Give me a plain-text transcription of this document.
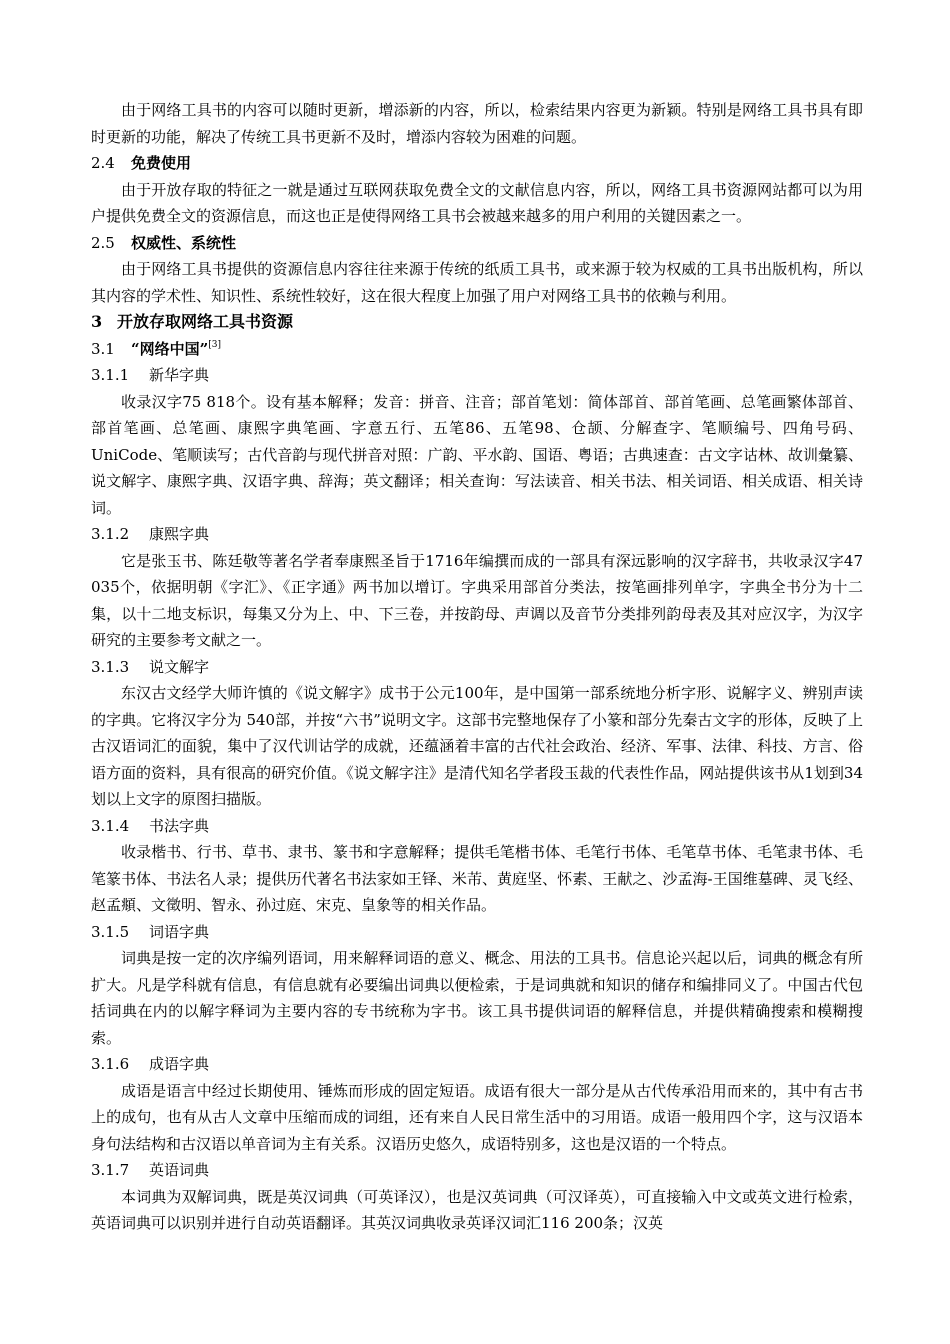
由于网络工具书的内容可以随时更新，增添新的内容，所以，检索结果内容更为新颖。特别是网络工具书具有即时更新的功能，解决了传统工具书更新不及时，增添内容较为困难的问题。

2.4 免费使用

由于开放存取的特征之一就是通过互联网获取免费全文的文献信息内容，所以，网络工具书资源网站都可以为用户提供免费全文的资源信息，而这也正是使得网络工具书会被越来越多的用户利用的关键因素之一。

2.5 权威性、系统性

由于网络工具书提供的资源信息内容往往来源于传统的纸质工具书，或来源于较为权威的工具书出版机构，所以其内容的学术性、知识性、系统性较好，这在很大程度上加强了用户对网络工具书的依赖与利用。

3 开放存取网络工具书资源

3.1 “网络中国”[3]

3.1.1 新华字典

收录汉字75 818个。设有基本解释；发音：拼音、注音；部首笔划：简体部首、部首笔画、总笔画繁体部首、部首笔画、总笔画、康熙字典笔画、字意五行、五笔86、五笔98、仓颉、分解查字、笔顺编号、四角号码、UniCode、笔顺读写；古代音韵与现代拼音对照：广韵、平水韵、国语、粤语；古典速查：古文字诂林、故训彙纂、说文解字、康熙字典、汉语字典、辞海；英文翻译；相关查询：写法读音、相关书法、相关词语、相关成语、相关诗词。

3.1.2 康熙字典

它是张玉书、陈廷敬等著名学者奉康熙圣旨于1716年编撰而成的一部具有深远影响的汉字辞书，共收录汉字47 035个，依据明朝《字汇》、《正字通》两书加以增订。字典采用部首分类法，按笔画排列单字，字典全书分为十二集，以十二地支标识，每集又分为上、中、下三卷，并按韵母、声调以及音节分类排列韵母表及其对应汉字，为汉字研究的主要参考文献之一。

3.1.3 说文解字

东汉古文经学大师许慎的《说文解字》成书于公元100年，是中国第一部系统地分析字形、说解字义、辨别声读的字典。它将汉字分为 540部，并按“六书”说明文字。这部书完整地保存了小篆和部分先秦古文字的形体，反映了上古汉语词汇的面貌，集中了汉代训诂学的成就，还蕴涵着丰富的古代社会政治、经济、军事、法律、科技、方言、俗语方面的资料，具有很高的研究价值。《说文解字注》是清代知名学者段玉裁的代表性作品，网站提供该书从1划到34划以上文字的原图扫描版。

3.1.4 书法字典

收录楷书、行书、草书、隶书、篆书和字意解释；提供毛笔楷书体、毛笔行书体、毛笔草书体、毛笔隶书体、毛笔篆书体、书法名人录；提供历代著名书法家如王铎、米芾、黄庭坚、怀素、王献之、沙孟海-王国维墓碑、灵飞经、赵孟頫、文徵明、智永、孙过庭、宋克、皇象等的相关作品。

3.1.5 词语字典

词典是按一定的次序编列语词，用来解释词语的意义、概念、用法的工具书。信息论兴起以后，词典的概念有所扩大。凡是学科就有信息，有信息就有必要编出词典以便检索，于是词典就和知识的储存和编排同义了。中国古代包括词典在内的以解字释词为主要内容的专书统称为字书。该工具书提供词语的解释信息，并提供精确搜索和模糊搜索。

3.1.6 成语字典

成语是语言中经过长期使用、锤炼而形成的固定短语。成语有很大一部分是从古代传承沿用而来的，其中有古书上的成句，也有从古人文章中压缩而成的词组，还有来自人民日常生活中的习用语。成语一般用四个字，这与汉语本身句法结构和古汉语以单音词为主有关系。汉语历史悠久，成语特别多，这也是汉语的一个特点。

3.1.7 英语词典

本词典为双解词典，既是英汉词典（可英译汉），也是汉英词典（可汉译英），可直接输入中文或英文进行检索，英语词典可以识别并进行自动英语翻译。其英汉词典收录英译汉词汇116 200条；汉英
